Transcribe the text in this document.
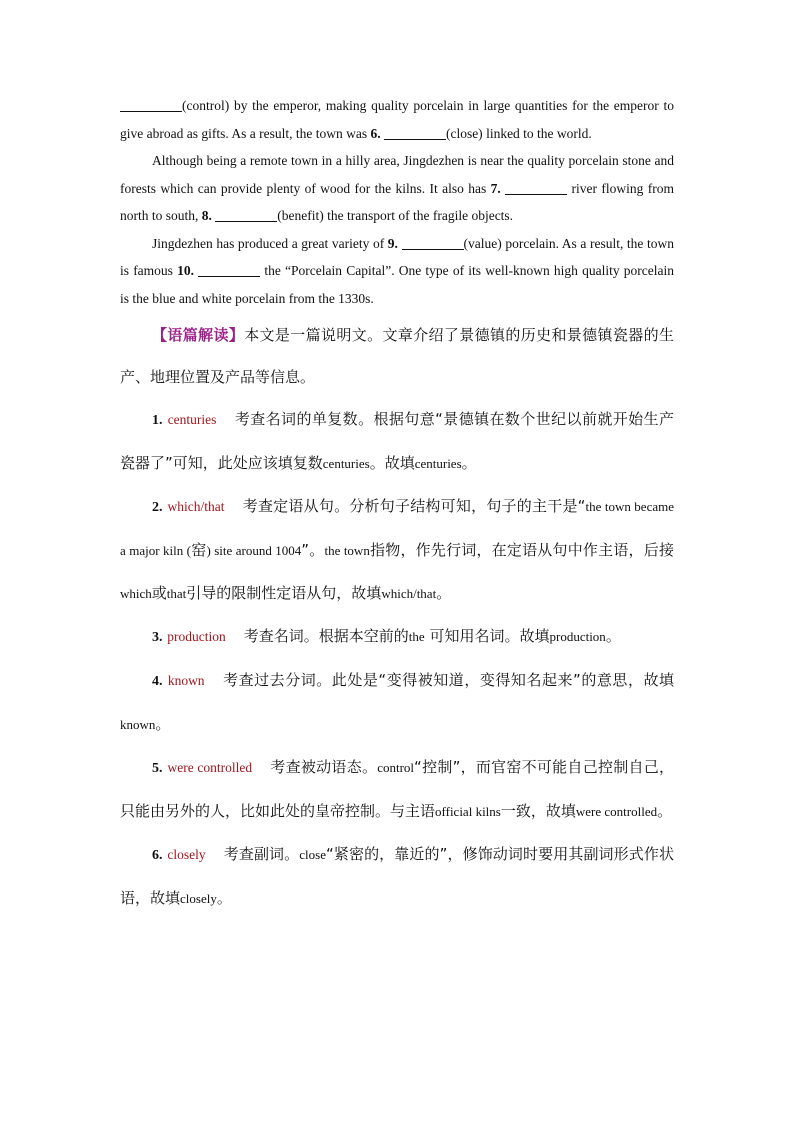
(control) by the emperor, making quality porcelain in large quantities for the emperor to give abroad as gifts. As a result, the town was 6.	(close) linked to the world.

Although being a remote town in a hilly area, Jingdezhen is near the quality porcelain stone and forests which can provide plenty of wood for the kilns. It also has 7.	river flowing from north to south, 8.	(benefit) the transport of the fragile objects.

Jingdezhen has produced a great variety of 9.	(value) porcelain. As a result, the town is famous 10.	the “Porcelain Capital”. One type of its well-known high quality porcelain is the blue and white porcelain from the 1330s.

【语篇解读】本文是一篇说明文。文章介绍了景德镇的历史和景德镇瓷器的生产、地理位置及产品等信息。

1. centuries 考查名词的单复数。根据句意“景德镇在数个世纪以前就开始生产瓷器了”可知，此处应该填复数centuries。故填centuries。

2. which/that 考查定语从句。分析句子结构可知，句子的主干是“the town became a major kiln (窑) site around 1004”。the town指物，作先行词，在定语从句中作主语，后接which或that引导的限制性定语从句，故填which/that。

3. production 考查名词。根据本空前的the 可知用名词。故填production。

4. known 考查过去分词。此处是“变得被知道，变得知名起来”的意思，故填known。

5. were controlled 考查被动语态。control“控制”，而官窑不可能自己控制自己，只能由另外的人，比如此处的皇帝控制。与主语official kilns一致，故填were controlled。

6. closely 考查副词。close“紧密的，靠近的”，修饰动词时要用其副词形式作状语，故填closely。
